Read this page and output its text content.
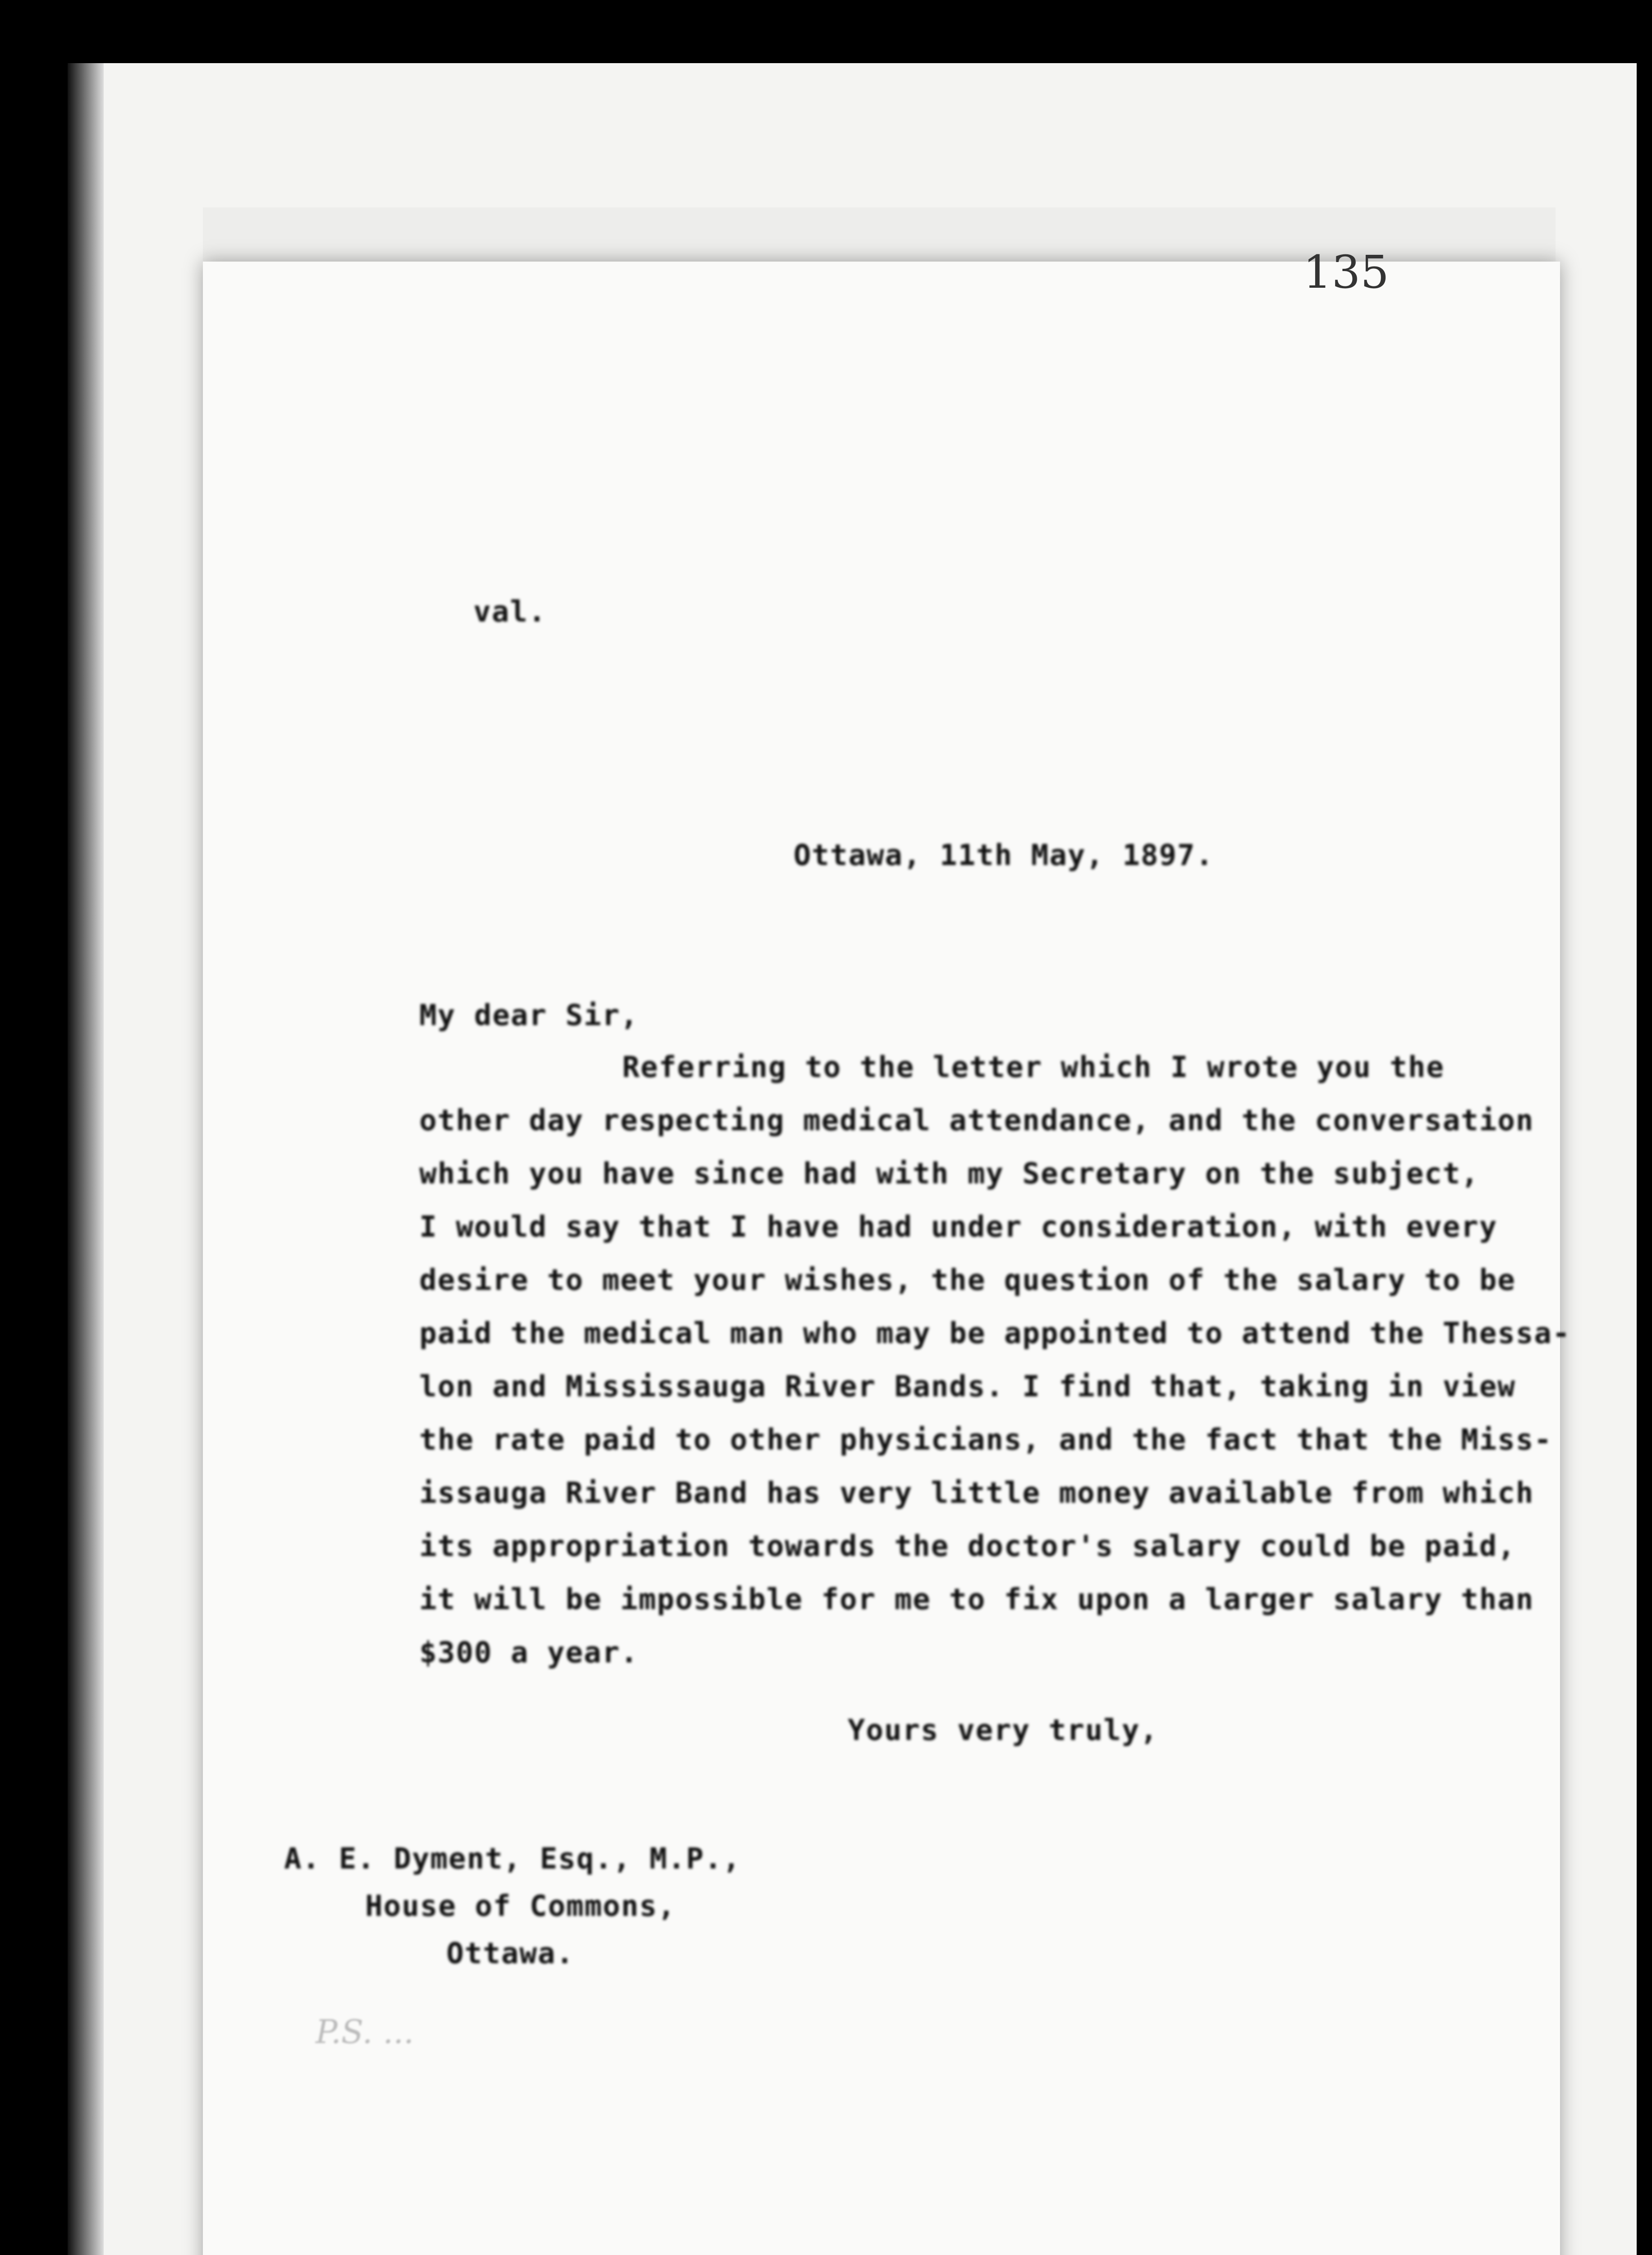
135
val.
Ottawa, 11th May, 1897.
My dear Sir,
Referring to the letter which I wrote you the
other day respecting medical attendance, and the conversation
which you have since had with my Secretary on the subject,
I would say that I have had under consideration, with every
desire to meet your wishes, the question of the salary to be
paid the medical man who may be appointed to attend the Thessa-
lon and Mississauga River Bands. I find that, taking in view
the rate paid to other physicians, and the fact that the Miss-
issauga River Band has very little money available from which
its appropriation towards the doctor's salary could be paid,
it will be impossible for me to fix upon a larger salary than
$300 a year.
Yours very truly,
A. E. Dyment, Esq., M.P.,
House of Commons,
Ottawa.
P.S. ...
